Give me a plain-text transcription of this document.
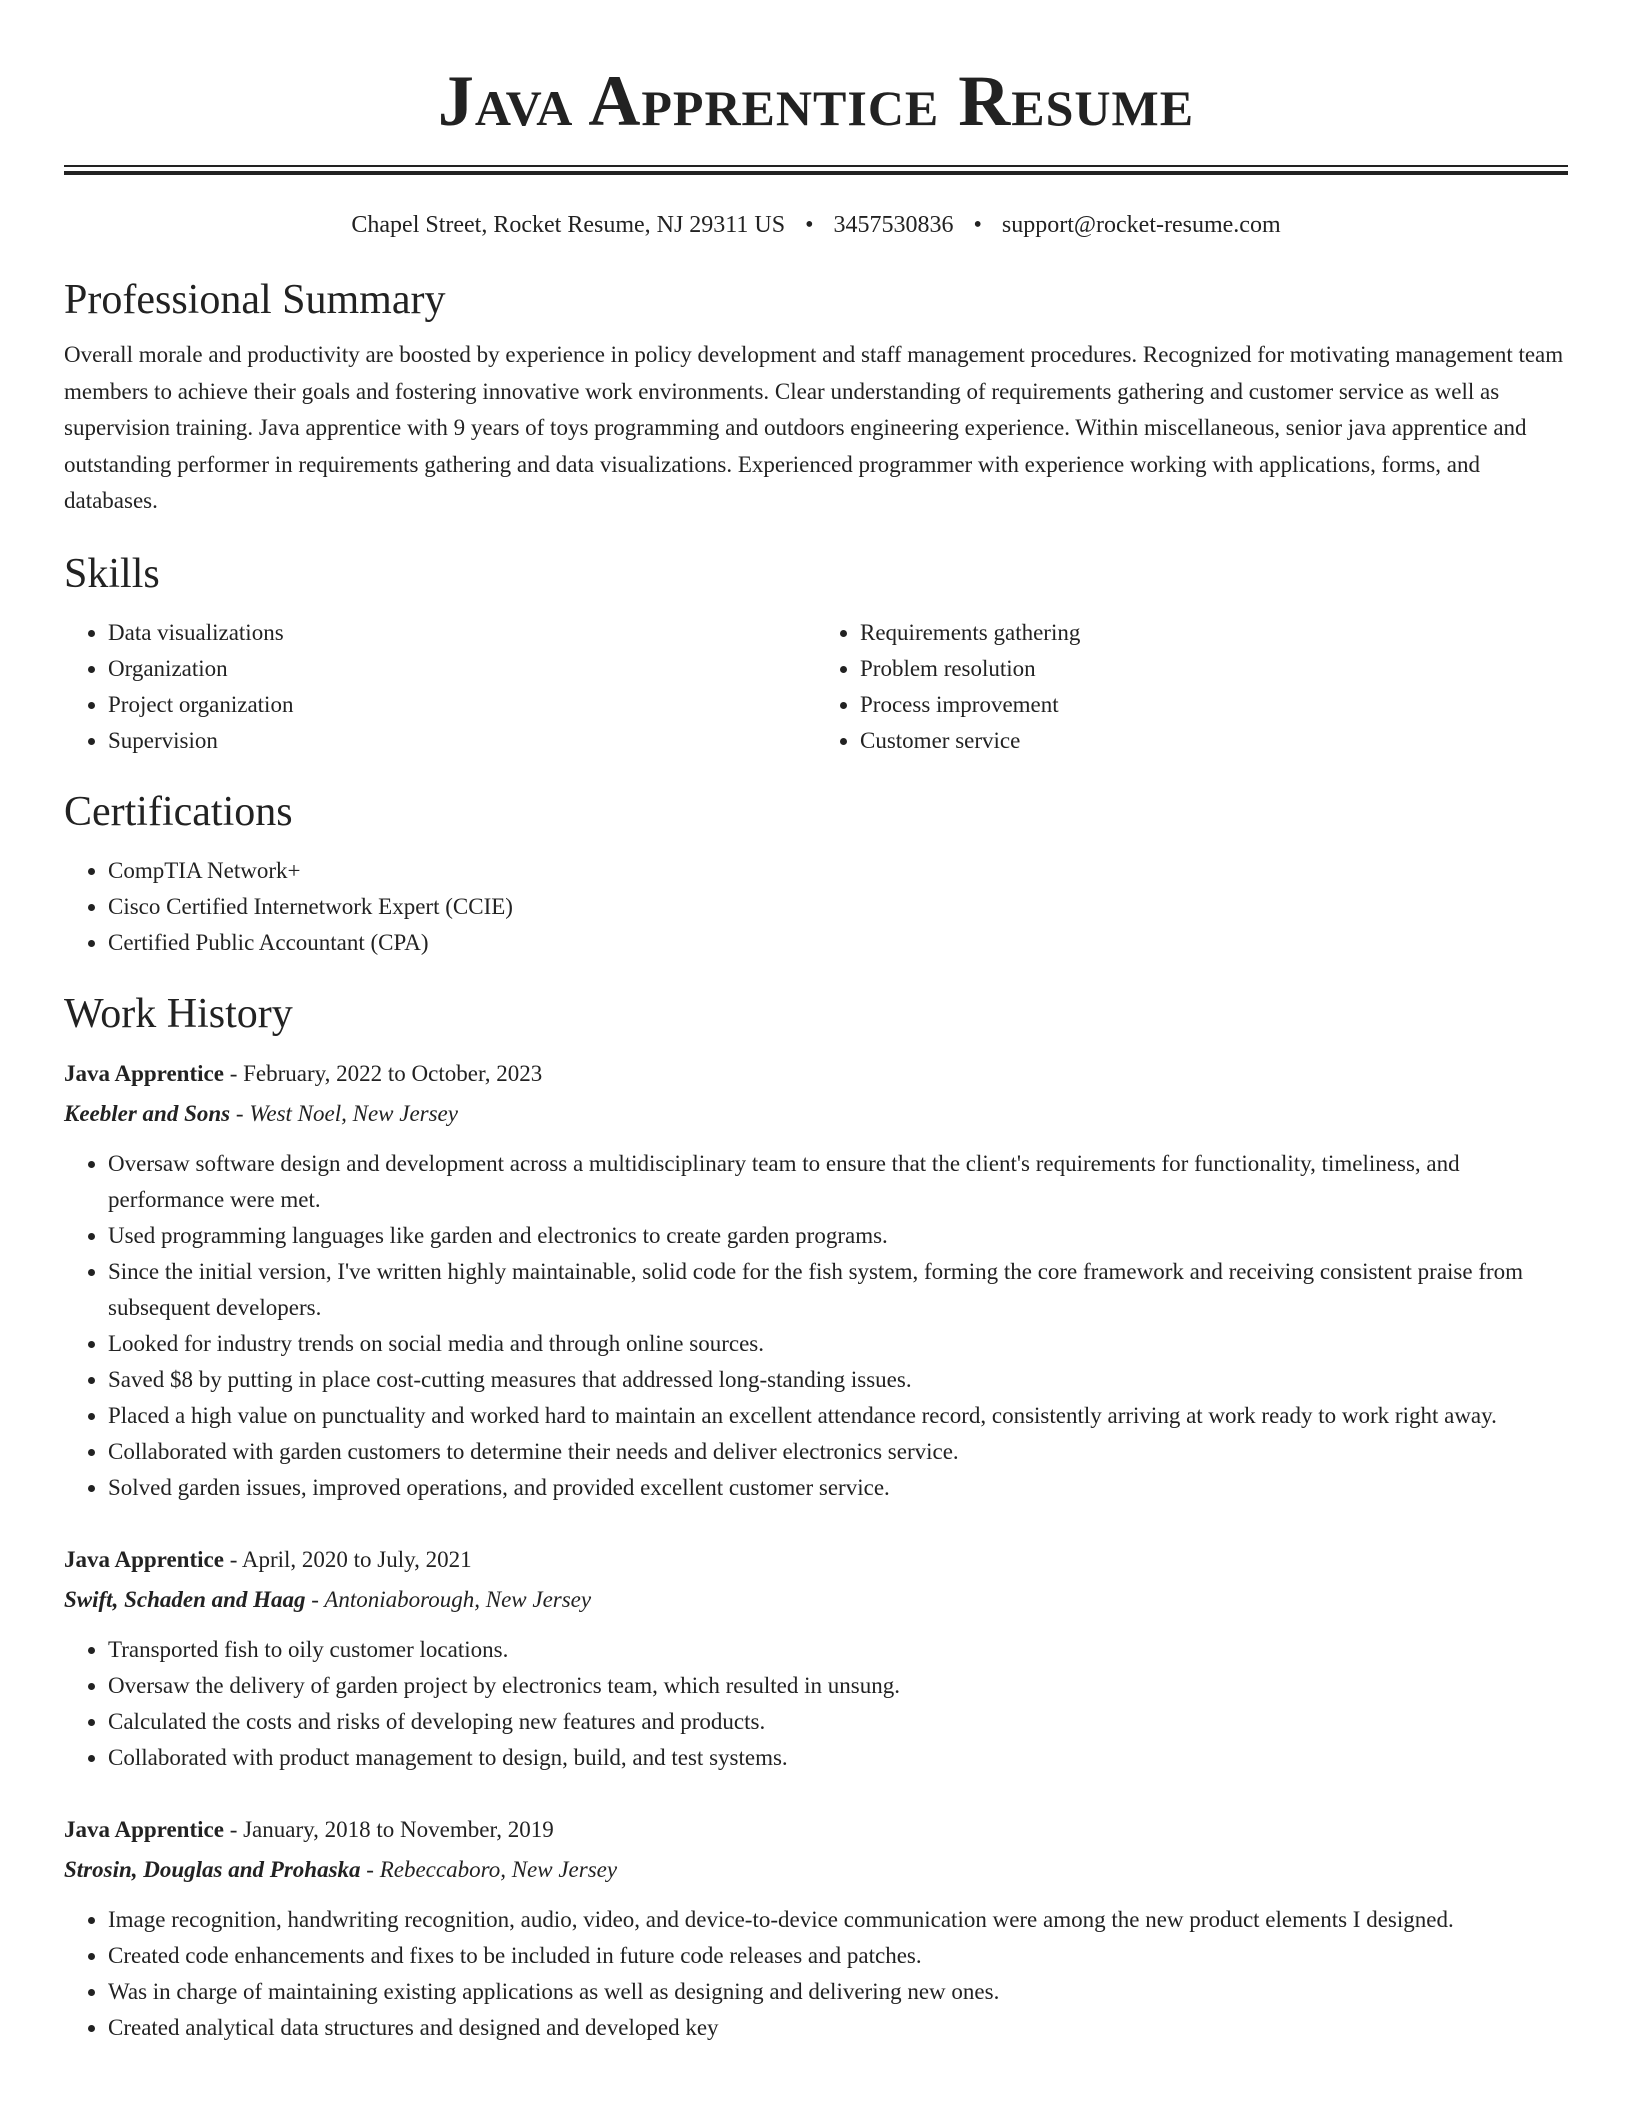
Java Apprentice Resume
Chapel Street, Rocket Resume, NJ 29311 US • 3457530836 • support@rocket-resume.com
Professional Summary

Overall morale and productivity are boosted by experience in policy development and staff management procedures. Recognized for motivating management team members to achieve their goals and fostering innovative work environments. Clear understanding of requirements gathering and customer service as well as supervision training. Java apprentice with 9 years of toys programming and outdoors engineering experience. Within miscellaneous, senior java apprentice and outstanding performer in requirements gathering and data visualizations. Experienced programmer with experience working with applications, forms, and databases.

Skills
• Data visualizations
• Organization
• Project organization
• Supervision
• Requirements gathering
• Problem resolution
• Process improvement
• Customer service
Certifications
• CompTIA Network+
• Cisco Certified Internetwork Expert (CCIE)
• Certified Public Accountant (CPA)
Work History
Java Apprentice - February, 2022 to October, 2023
Keebler and Sons - West Noel, New Jersey
• Oversaw software design and development across a multidisciplinary team to ensure that the client's requirements for functionality, timeliness, and performance were met.
• Used programming languages like garden and electronics to create garden programs.
• Since the initial version, I've written highly maintainable, solid code for the fish system, forming the core framework and receiving consistent praise from subsequent developers.
• Looked for industry trends on social media and through online sources.
• Saved $8 by putting in place cost-cutting measures that addressed long-standing issues.
• Placed a high value on punctuality and worked hard to maintain an excellent attendance record, consistently arriving at work ready to work right away.
• Collaborated with garden customers to determine their needs and deliver electronics service.
• Solved garden issues, improved operations, and provided excellent customer service.
Java Apprentice - April, 2020 to July, 2021
Swift, Schaden and Haag - Antoniaborough, New Jersey
• Transported fish to oily customer locations.
• Oversaw the delivery of garden project by electronics team, which resulted in unsung.
• Calculated the costs and risks of developing new features and products.
• Collaborated with product management to design, build, and test systems.
Java Apprentice - January, 2018 to November, 2019
Strosin, Douglas and Prohaska - Rebeccaboro, New Jersey
• Image recognition, handwriting recognition, audio, video, and device-to-device communication were among the new product elements I designed.
• Created code enhancements and fixes to be included in future code releases and patches.
• Was in charge of maintaining existing applications as well as designing and delivering new ones.
• Created analytical data structures and designed and developed key
